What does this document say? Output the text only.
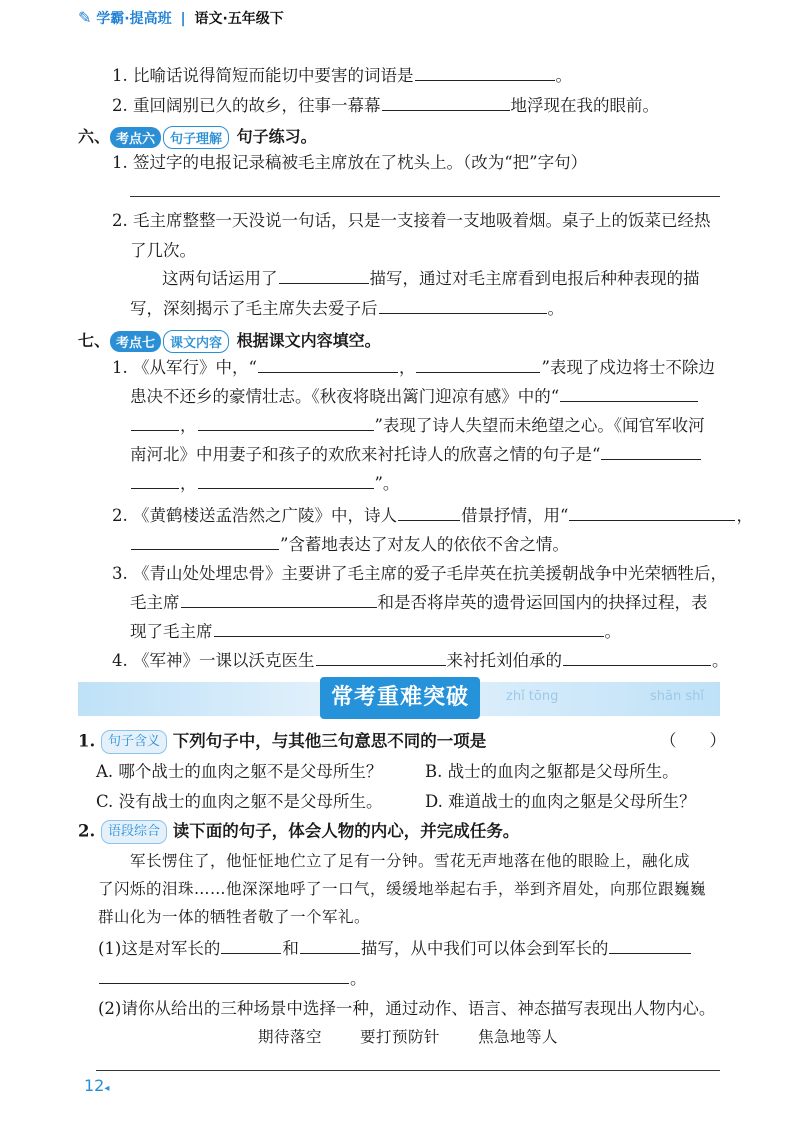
✎ 学霸·提高班 | 语文·五年级下
1. 比喻话说得简短而能切中要害的词语是	。
2. 重回阔别已久的故乡，往事一幕幕	地浮现在我的眼前。
六、 考点六 句子理解 句子练习。
1. 签过字的电报记录稿被毛主席放在了枕头上。（改为“把”字句）
2. 毛主席整整一天没说一句话，只是一支接着一支地吸着烟。桌子上的饭菜已经热
了几次。
这两句话运用了	描写，通过对毛主席看到电报后种种表现的描
写，深刻揭示了毛主席失去爱子后	。
七、 考点七 课文内容 根据课文内容填空。
1. 《从军行》中，“	，	”表现了戍边将士不除边
患决不还乡的豪情壮志。《秋夜将晓出篱门迎凉有感》中的“
，	”表现了诗人失望而未绝望之心。《闻官军收河
南河北》中用妻子和孩子的欢欣来衬托诗人的欣喜之情的句子是“
，	”。
2. 《黄鹤楼送孟浩然之广陵》中，诗人	借景抒情，用“	，
”含蓄地表达了对友人的依依不舍之情。
3. 《青山处处埋忠骨》主要讲了毛主席的爱子毛岸英在抗美援朝战争中光荣牺牲后，
毛主席	和是否将岸英的遗骨运回国内的抉择过程，表
现了毛主席	。
4. 《军神》一课以沃克医生	来衬托刘伯承的	。
zhǐ tōng	shān shǐ
常考重难突破
1. 句子含义 下列句子中，与其他三句意思不同的一项是	（　　）
A. 哪个战士的血肉之躯不是父母所生？	B. 战士的血肉之躯都是父母所生。
C. 没有战士的血肉之躯不是父母所生。	D. 难道战士的血肉之躯是父母所生？
2. 语段综合 读下面的句子，体会人物的内心，并完成任务。
军长愣住了，他怔怔地伫立了足有一分钟。雪花无声地落在他的眼睑上，融化成
了闪烁的泪珠……他深深地呼了一口气，缓缓地举起右手，举到齐眉处，向那位跟巍巍
群山化为一体的牺牲者敬了一个军礼。
(1)这是对军长的	和	描写，从中我们可以体会到军长的
。
(2)请你从给出的三种场景中选择一种，通过动作、语言、神态描写表现出人物内心。
期待落空 要打预防针 焦急地等人
12◂
